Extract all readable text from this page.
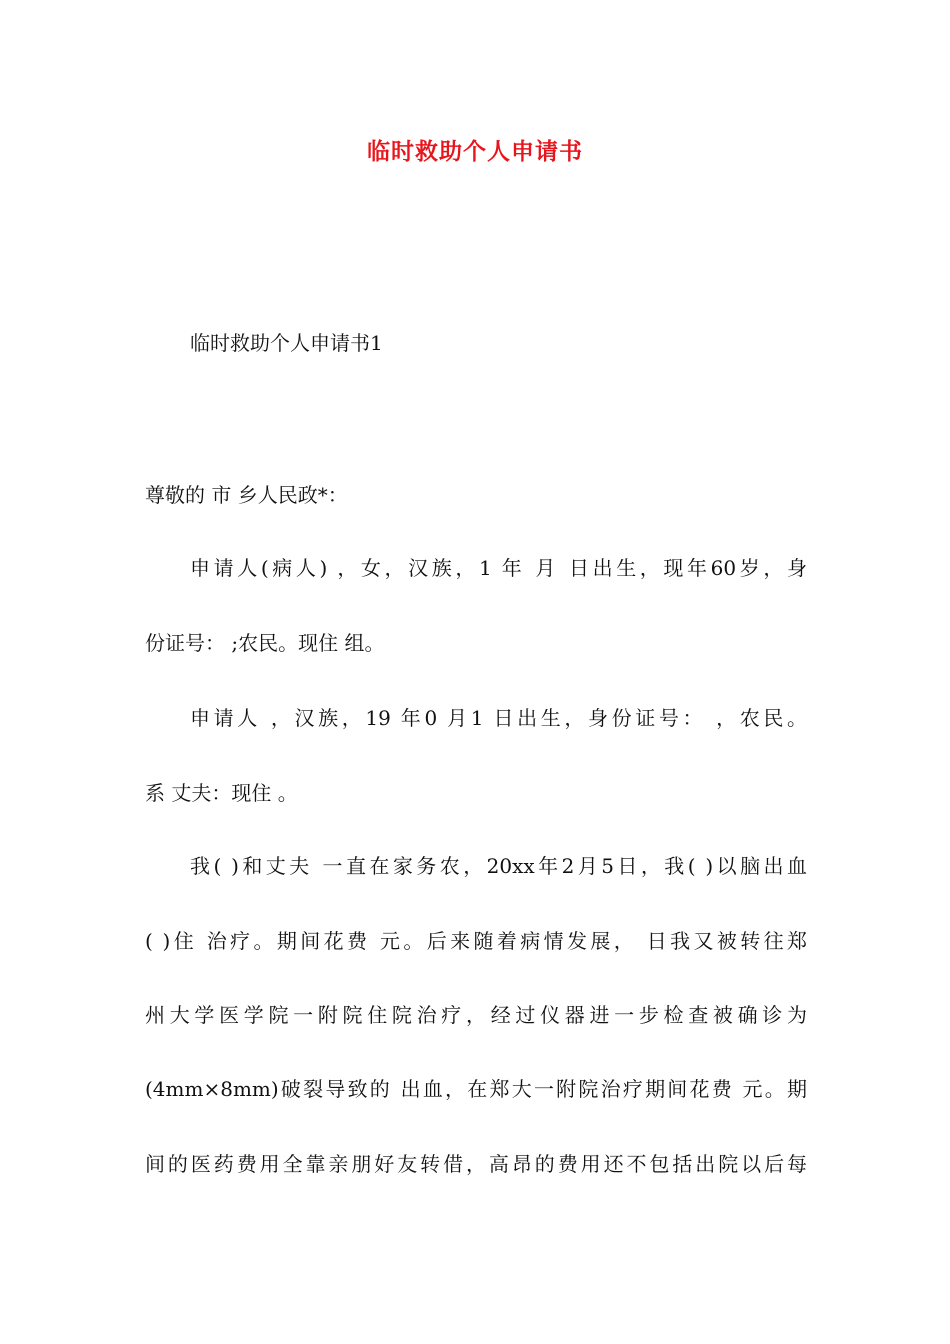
临时救助个人申请书

临时救助个人申请书1

尊敬的 市 乡人民政*：

申请人(病人) ，女，汉族，1 年 月 日出生，现年60岁，身

份证号： ;农民。现住 组。

申请人 ，汉族，19 年0 月1 日出生，身份证号： ，农民。

系 丈夫：现住 。

我( )和丈夫 一直在家务农，20xx年2月5日，我( )以脑出血

( )住 治疗。期间花费 元。后来随着病情发展， 日我又被转往郑

州大学医学院一附院住院治疗，经过仪器进一步检查被确诊为

(4mm×8mm)破裂导致的 出血，在郑大一附院治疗期间花费 元。期

间的医药费用全靠亲朋好友转借，高昂的费用还不包括出院以后每
